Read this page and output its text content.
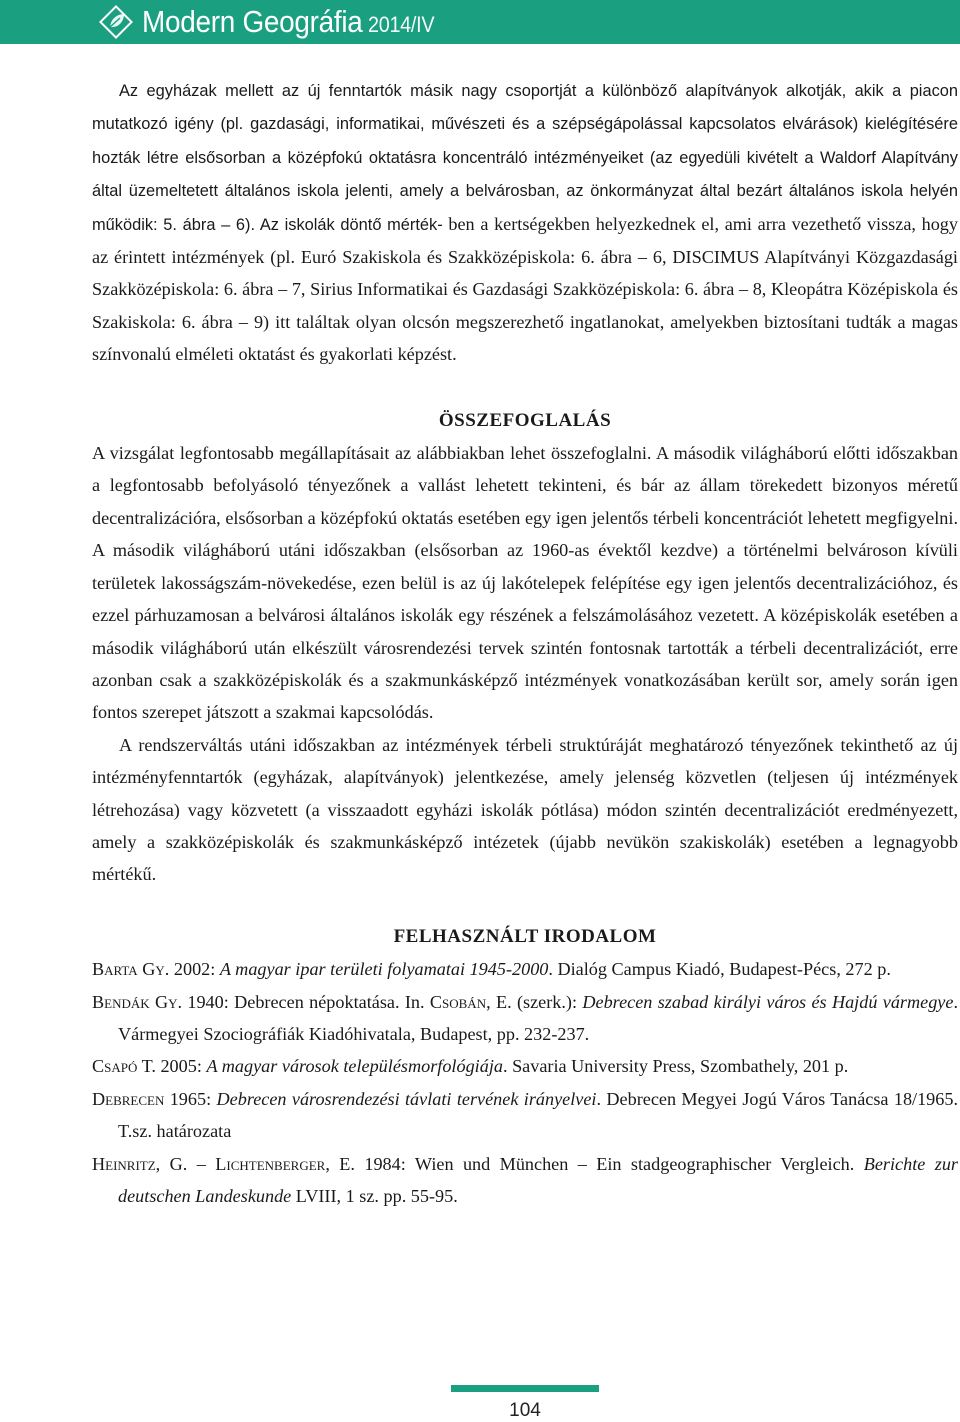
Modern Geográfia 2014/IV

Az egyházak mellett az új fenntartók másik nagy csoportját a különböző alapítványok alkotják, akik a piacon mutatkozó igény (pl. gazdasági, informatikai, művészeti és a szépségápolással kapcsolatos elvárások) kielégítésére hozták létre elsősorban a középfokú oktatásra koncentráló intézményeiket (az egyedüli kivételt a Waldorf Alapítvány által üzemeltetett általános iskola jelenti, amely a belvárosban, az önkormányzat által bezárt általános iskola helyén működik: 5. ábra – 6). Az iskolák döntő mérték- ben a kertségekben helyezkednek el, ami arra vezethető vissza, hogy az érintett intézmények (pl. Euró Szakiskola és Szakközépiskola: 6. ábra – 6, DISCIMUS Alapítványi Közgazdasági Szakközépiskola: 6. ábra – 7, Sirius Informatikai és Gazdasági Szakközépiskola: 6. ábra – 8, Kleopátra Középiskola és Szakiskola: 6. ábra – 9) itt találtak olyan olcsón megszerezhető ingatlanokat, amelyekben biztosítani tudták a magas színvonalú elméleti oktatást és gyakorlati képzést.

ÖSSZEFOGLALÁS

A vizsgálat legfontosabb megállapításait az alábbiakban lehet összefoglalni. A második világháború előtti időszakban a legfontosabb befolyásoló tényezőnek a vallást lehetett tekinteni, és bár az állam törekedett bizonyos méretű decentralizációra, elsősorban a középfokú oktatás esetében egy igen jelentős térbeli koncentrációt lehetett megfigyelni. A második világháború utáni időszakban (elsősorban az 1960-as évektől kezdve) a történelmi belvároson kívüli területek lakosságszám-növekedése, ezen belül is az új lakótelepek felépítése egy igen jelentős decentralizációhoz, és ezzel párhuzamosan a belvárosi általános iskolák egy részének a felszámolásához vezetett. A középiskolák esetében a második világháború után elkészült városrendezési tervek szintén fontosnak tartották a térbeli decentralizációt, erre azonban csak a szakközépiskolák és a szakmunkásképző intézmények vonatkozásában került sor, amely során igen fontos szerepet játszott a szakmai kapcsolódás.

A rendszerváltás utáni időszakban az intézmények térbeli struktúráját meghatározó tényezőnek tekinthető az új intézményfenntartók (egyházak, alapítványok) jelentkezése, amely jelenség közvetlen (teljesen új intézmények létrehozása) vagy közvetett (a visszaadott egyházi iskolák pótlása) módon szintén decentralizációt eredményezett, amely a szakközépiskolák és szakmunkásképző intézetek (újabb nevükön szakiskolák) esetében a legnagyobb mértékű.

FELHASZNÁLT IRODALOM

Barta Gy. 2002: A magyar ipar területi folyamatai 1945-2000. Dialóg Campus Kiadó, Budapest-Pécs, 272 p.

Bendák Gy. 1940: Debrecen népoktatása. In. Csobán, E. (szerk.): Debrecen szabad királyi város és Hajdú vármegye. Vármegyei Szociográfiák Kiadóhivatala, Budapest, pp. 232-237.

Csapó T. 2005: A magyar városok településmorfológiája. Savaria University Press, Szombathely, 201 p.

Debrecen 1965: Debrecen városrendezési távlati tervének irányelvei. Debrecen Megyei Jogú Város Tanácsa 18/1965. T.sz. határozata

Heinritz, G. – Lichtenberger, E. 1984: Wien und München – Ein stadgeographischer Vergleich. Berichte zur deutschen Landeskunde LVIII, 1 sz. pp. 55-95.

104
